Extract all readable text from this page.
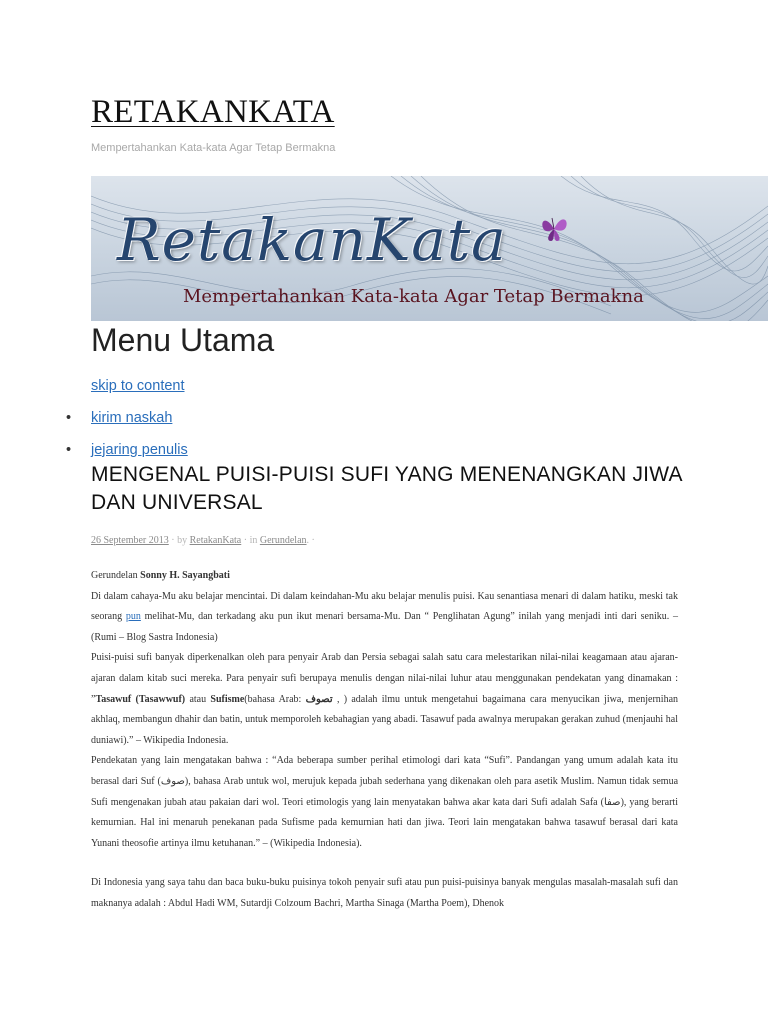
RETAKANKATA
Mempertahankan Kata-kata Agar Tetap Bermakna
RetakanKata
Mempertahankan Kata-kata Agar Tetap Bermakna
Menu Utama
skip to content
• kirim naskah
• jejaring penulis
MENGENAL PUISI-PUISI SUFI YANG MENENANGKAN JIWA DAN UNIVERSAL
26 September 2013 · by RetakanKata · in Gerundelan. ·

Gerundelan Sonny H. Sayangbati

Di dalam cahaya-Mu aku belajar mencintai. Di dalam keindahan-Mu aku belajar menulis puisi. Kau senantiasa menari di dalam hatiku, meski tak seorang pun melihat-Mu, dan terkadang aku pun ikut menari bersama-Mu. Dan “ Penglihatan Agung” inilah yang menjadi inti dari seniku. – (Rumi – Blog Sastra Indonesia)

Puisi-puisi sufi banyak diperkenalkan oleh para penyair Arab dan Persia sebagai salah satu cara melestarikan nilai-nilai keagamaan atau ajaran-ajaran dalam kitab suci mereka. Para penyair sufi berupaya menulis dengan nilai-nilai luhur atau menggunakan pendekatan yang dinamakan : ”Tasawuf (Tasawwuf) atau Sufisme(bahasa Arab: تصوف , ) adalah ilmu untuk mengetahui bagaimana cara menyucikan jiwa, menjernihan akhlaq, membangun dhahir dan batin, untuk memporoleh kebahagian yang abadi. Tasawuf pada awalnya merupakan gerakan zuhud (menjauhi hal duniawi).” – Wikipedia Indonesia.

Pendekatan yang lain mengatakan bahwa : “Ada beberapa sumber perihal etimologi dari kata “Sufi”. Pandangan yang umum adalah kata itu berasal dari Suf (صوف), bahasa Arab untuk wol, merujuk kepada jubah sederhana yang dikenakan oleh para asetik Muslim. Namun tidak semua Sufi mengenakan jubah atau pakaian dari wol. Teori etimologis yang lain menyatakan bahwa akar kata dari Sufi adalah Safa (صفا), yang berarti kemurnian. Hal ini menaruh penekanan pada Sufisme pada kemurnian hati dan jiwa. Teori lain mengatakan bahwa tasawuf berasal dari kata Yunani theosofie artinya ilmu ketuhanan.” – (Wikipedia Indonesia).

Di Indonesia yang saya tahu dan baca buku-buku puisinya tokoh penyair sufi atau pun puisi-puisinya banyak mengulas masalah-masalah sufi dan maknanya adalah : Abdul Hadi WM, Sutardji Colzoum Bachri, Martha Sinaga (Martha Poem), Dhenok
